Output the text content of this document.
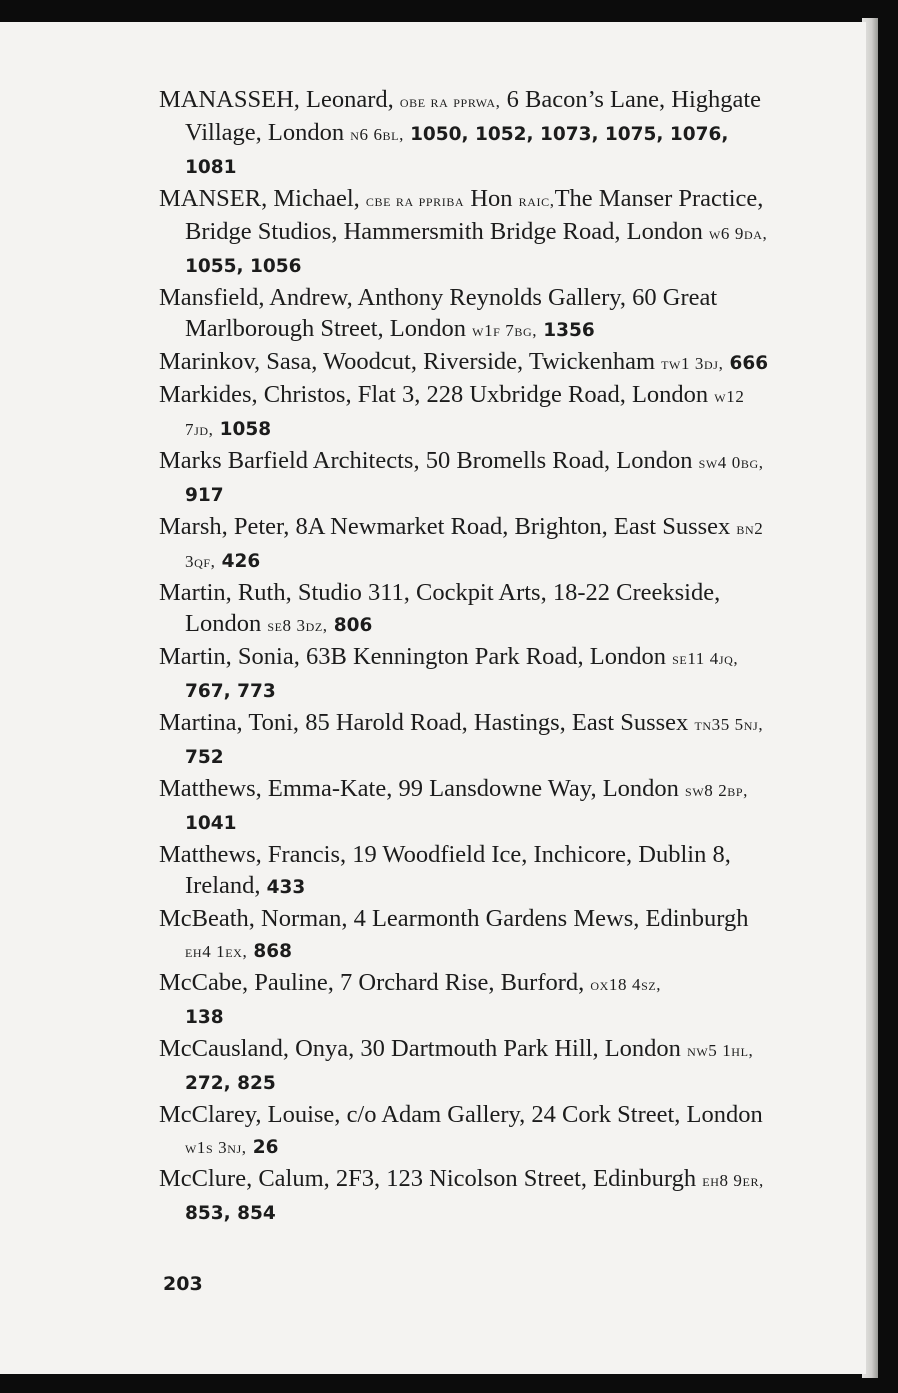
MANASSEH, Leonard, obe ra pprwa, 6 Bacon’s Lane, Highgate Village, London n6 6bl, 1050, 1052, 1073, 1075, 1076, 1081
MANSER, Michael, cbe ra ppriba Hon raic,The Manser Practice, Bridge Studios, Hammersmith Bridge Road, London w6 9da, 1055, 1056
Mansfield, Andrew, Anthony Reynolds Gallery, 60 Great Marlborough Street, London w1f 7bg, 1356
Marinkov, Sasa, Woodcut, Riverside, Twickenham tw1 3dj, 666
Markides, Christos, Flat 3, 228 Uxbridge Road, London w12 7jd, 1058
Marks Barfield Architects, 50 Bromells Road, London sw4 0bg, 917
Marsh, Peter, 8A Newmarket Road, Brighton, East Sussex bn2 3qf, 426
Martin, Ruth, Studio 311, Cockpit Arts, 18-22 Creekside, London se8 3dz, 806
Martin, Sonia, 63B Kennington Park Road, London se11 4jq, 767, 773
Martina, Toni, 85 Harold Road, Hastings, East Sussex tn35 5nj, 752
Matthews, Emma-Kate, 99 Lansdowne Way, London sw8 2bp, 1041
Matthews, Francis, 19 Woodfield Ice, Inchicore, Dublin 8, Ireland, 433
McBeath, Norman, 4 Learmonth Gardens Mews, Edinburgh eh4 1ex, 868
McCabe, Pauline, 7 Orchard Rise, Burford, ox18 4sz,
138
McCausland, Onya, 30 Dartmouth Park Hill, London nw5 1hl, 272, 825
McClarey, Louise, c/o Adam Gallery, 24 Cork Street, London w1s 3nj, 26
McClure, Calum, 2F3, 123 Nicolson Street, Edinburgh eh8 9er, 853, 854
203
